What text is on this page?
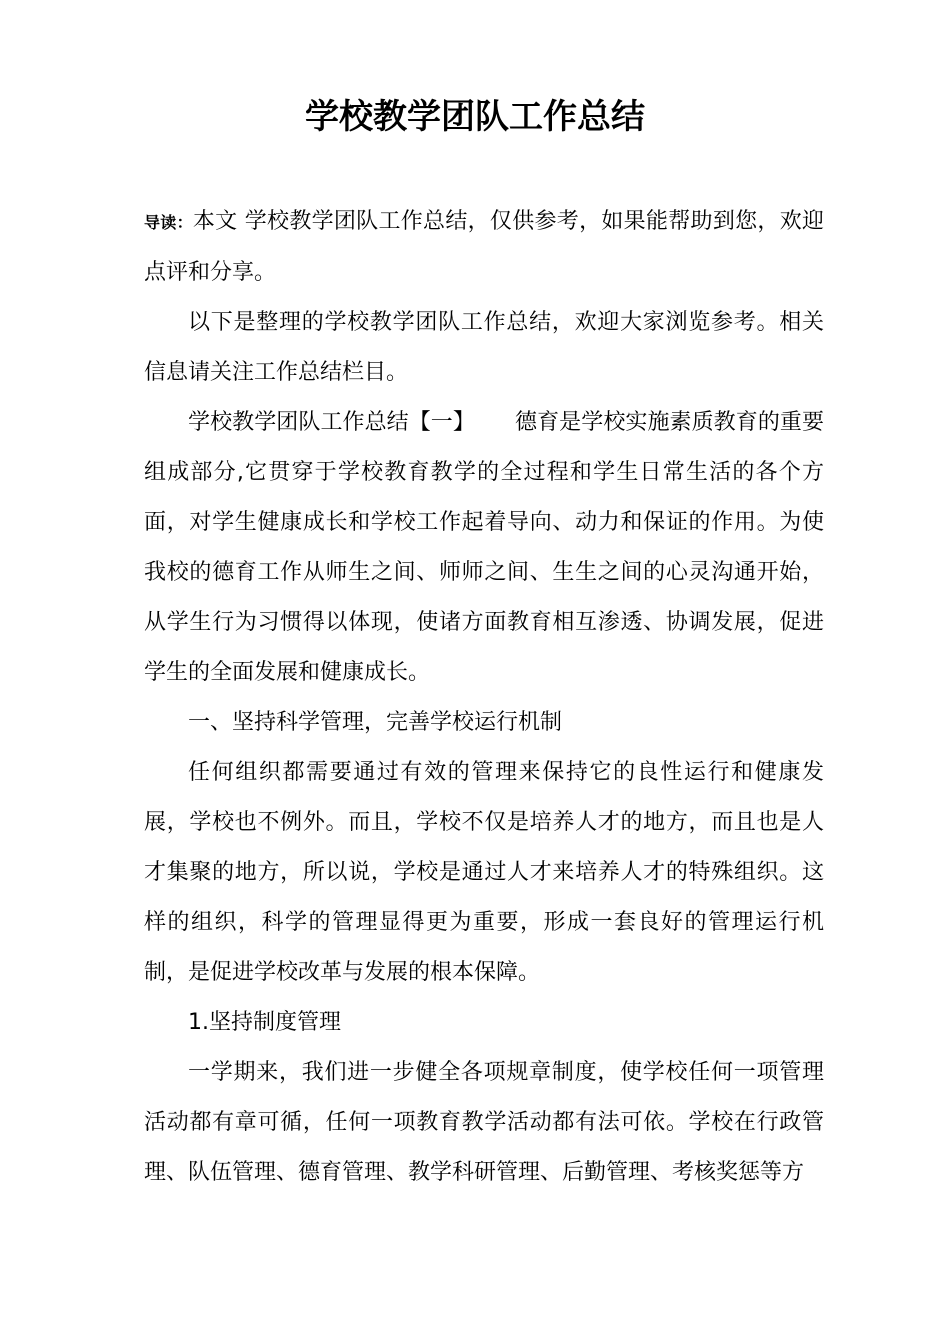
学校教学团队工作总结

导读：本文 学校教学团队工作总结，仅供参考，如果能帮助到您，欢迎点评和分享。

以下是整理的学校教学团队工作总结，欢迎大家浏览参考。相关信息请关注工作总结栏目。

学校教学团队工作总结【一】 德育是学校实施素质教育的重要组成部分,它贯穿于学校教育教学的全过程和学生日常生活的各个方面，对学生健康成长和学校工作起着导向、动力和保证的作用。为使我校的德育工作从师生之间、师师之间、生生之间的心灵沟通开始，从学生行为习惯得以体现，使诸方面教育相互渗透、协调发展，促进学生的全面发展和健康成长。

一、坚持科学管理，完善学校运行机制

任何组织都需要通过有效的管理来保持它的良性运行和健康发展，学校也不例外。而且，学校不仅是培养人才的地方，而且也是人才集聚的地方，所以说，学校是通过人才来培养人才的特殊组织。这样的组织，科学的管理显得更为重要，形成一套良好的管理运行机制，是促进学校改革与发展的根本保障。

1.坚持制度管理

一学期来，我们进一步健全各项规章制度，使学校任何一项管理活动都有章可循，任何一项教育教学活动都有法可依。学校在行政管理、队伍管理、德育管理、教学科研管理、后勤管理、考核奖惩等方
